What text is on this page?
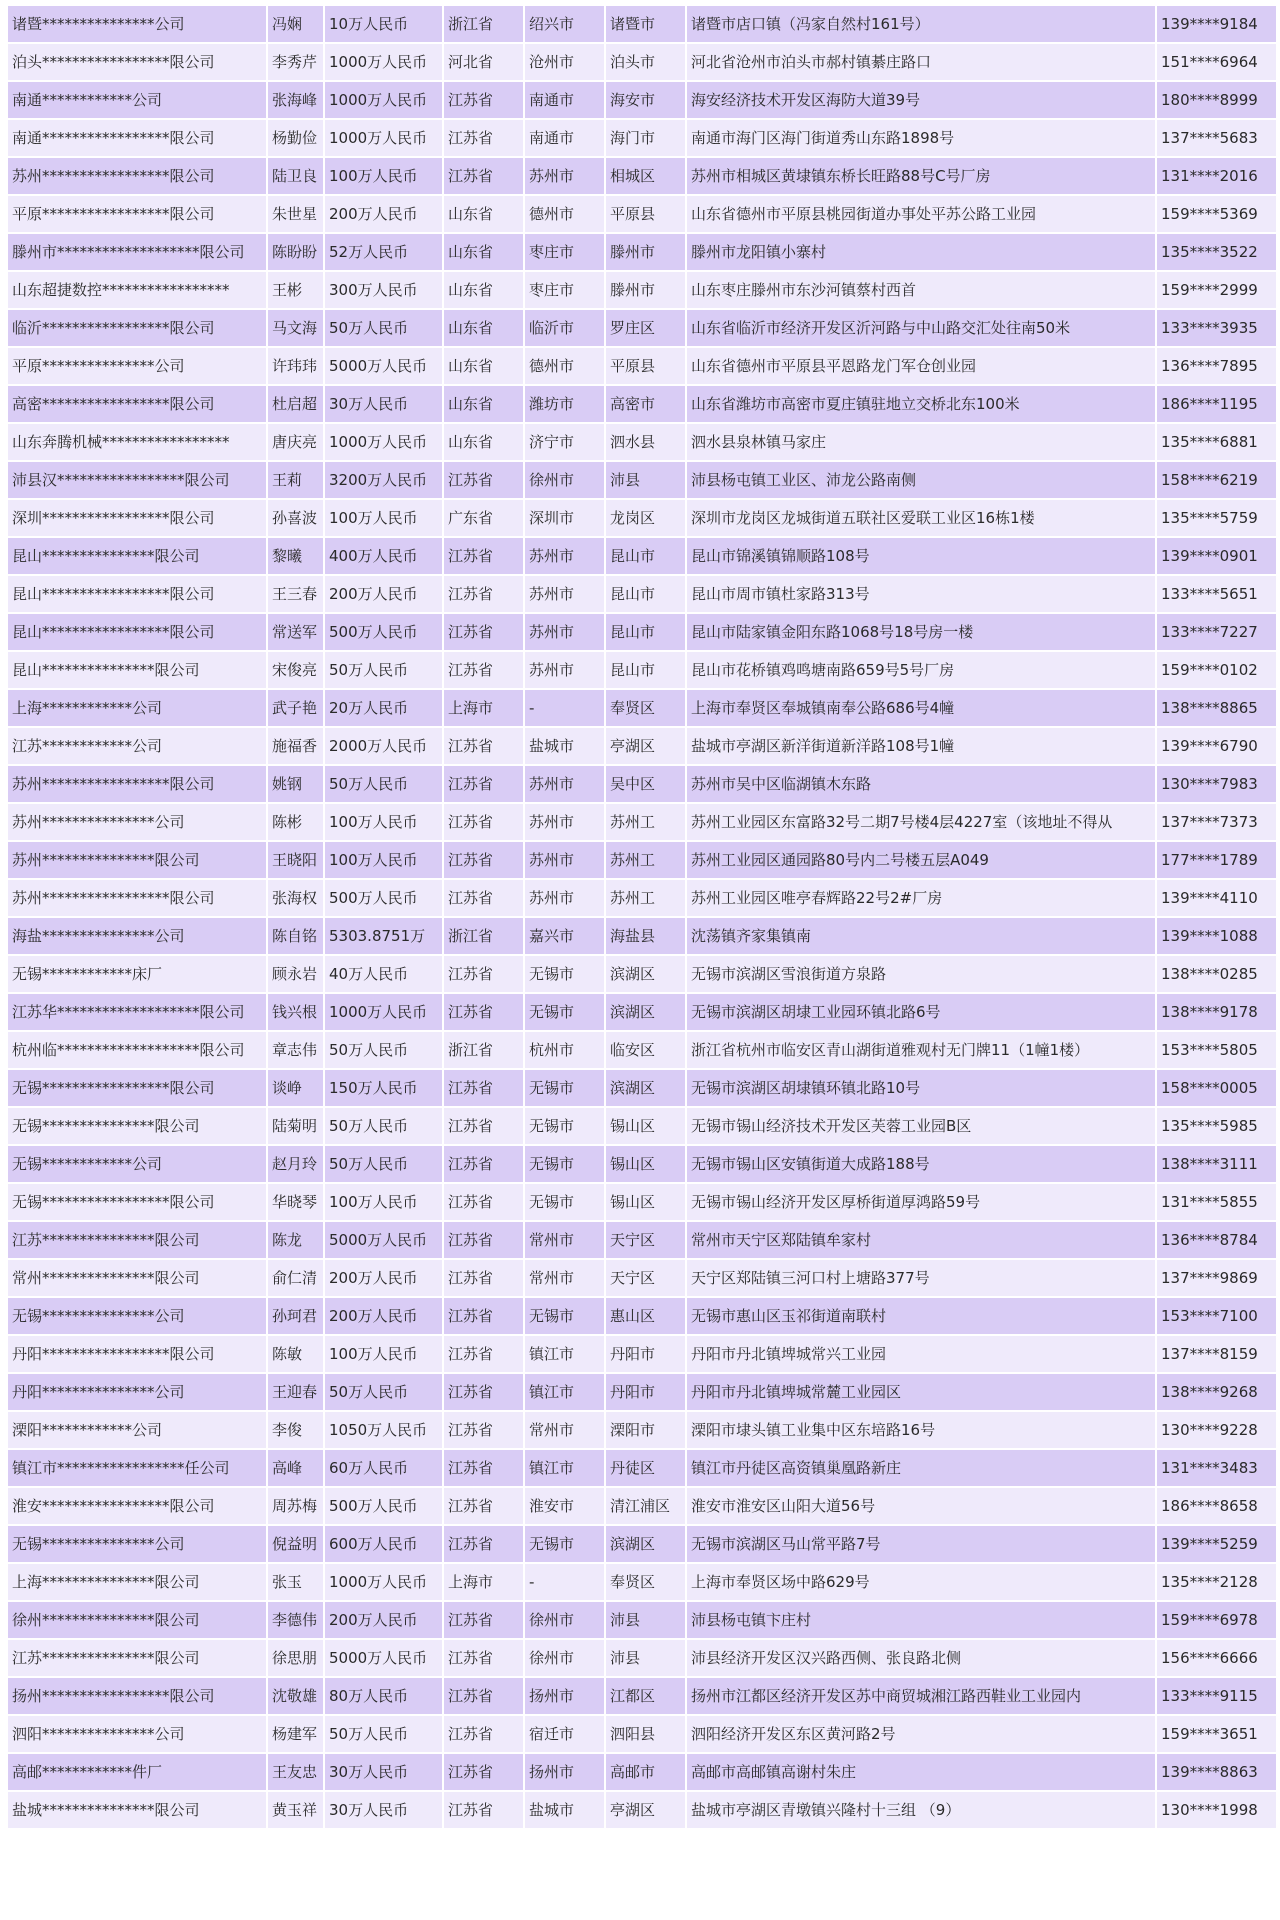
诸暨***************公司	冯娴	10万人民币	浙江省	绍兴市	诸暨市	诸暨市店口镇（冯家自然村161号）	139****9184
泊头*****************限公司	李秀芹	1000万人民币	河北省	沧州市	泊头市	河北省沧州市泊头市郝村镇綦庄路口	151****6964
南通************公司	张海峰	1000万人民币	江苏省	南通市	海安市	海安经济技术开发区海防大道39号	180****8999
南通*****************限公司	杨勤俭	1000万人民币	江苏省	南通市	海门市	南通市海门区海门街道秀山东路1898号	137****5683
苏州*****************限公司	陆卫良	100万人民币	江苏省	苏州市	相城区	苏州市相城区黄埭镇东桥长旺路88号C号厂房	131****2016
平原*****************限公司	朱世星	200万人民币	山东省	德州市	平原县	山东省德州市平原县桃园街道办事处平苏公路工业园	159****5369
滕州市*******************限公司	陈盼盼	52万人民币	山东省	枣庄市	滕州市	滕州市龙阳镇小寨村	135****3522
山东超捷数控*****************	王彬	300万人民币	山东省	枣庄市	滕州市	山东枣庄滕州市东沙河镇蔡村西首	159****2999
临沂*****************限公司	马文海	50万人民币	山东省	临沂市	罗庄区	山东省临沂市经济开发区沂河路与中山路交汇处往南50米	133****3935
平原***************公司	许玮玮	5000万人民币	山东省	德州市	平原县	山东省德州市平原县平恩路龙门军仓创业园	136****7895
高密*****************限公司	杜启超	30万人民币	山东省	潍坊市	高密市	山东省潍坊市高密市夏庄镇驻地立交桥北东100米	186****1195
山东奔腾机械*****************	唐庆亮	1000万人民币	山东省	济宁市	泗水县	泗水县泉林镇马家庄	135****6881
沛县汉*****************限公司	王莉	3200万人民币	江苏省	徐州市	沛县	沛县杨屯镇工业区、沛龙公路南侧	158****6219
深圳*****************限公司	孙喜波	100万人民币	广东省	深圳市	龙岗区	深圳市龙岗区龙城街道五联社区爱联工业区16栋1楼	135****5759
昆山***************限公司	黎曦	400万人民币	江苏省	苏州市	昆山市	昆山市锦溪镇锦顺路108号	139****0901
昆山*****************限公司	王三春	200万人民币	江苏省	苏州市	昆山市	昆山市周市镇杜家路313号	133****5651
昆山*****************限公司	常送军	500万人民币	江苏省	苏州市	昆山市	昆山市陆家镇金阳东路1068号18号房一楼	133****7227
昆山***************限公司	宋俊亮	50万人民币	江苏省	苏州市	昆山市	昆山市花桥镇鸡鸣塘南路659号5号厂房	159****0102
上海************公司	武子艳	20万人民币	上海市	-	奉贤区	上海市奉贤区奉城镇南奉公路686号4幢	138****8865
江苏************公司	施福香	2000万人民币	江苏省	盐城市	亭湖区	盐城市亭湖区新洋街道新洋路108号1幢	139****6790
苏州*****************限公司	姚钢	50万人民币	江苏省	苏州市	吴中区	苏州市吴中区临湖镇木东路	130****7983
苏州***************公司	陈彬	100万人民币	江苏省	苏州市	苏州工	苏州工业园区东富路32号二期7号楼4层4227室（该地址不得从	137****7373
苏州***************限公司	王晓阳	100万人民币	江苏省	苏州市	苏州工	苏州工业园区通园路80号内二号楼五层A049	177****1789
苏州*****************限公司	张海权	500万人民币	江苏省	苏州市	苏州工	苏州工业园区唯亭春辉路22号2#厂房	139****4110
海盐***************公司	陈自铭	5303.8751万	浙江省	嘉兴市	海盐县	沈荡镇齐家集镇南	139****1088
无锡************床厂	顾永岩	40万人民币	江苏省	无锡市	滨湖区	无锡市滨湖区雪浪街道方泉路	138****0285
江苏华*******************限公司	钱兴根	1000万人民币	江苏省	无锡市	滨湖区	无锡市滨湖区胡埭工业园环镇北路6号	138****9178
杭州临*******************限公司	章志伟	50万人民币	浙江省	杭州市	临安区	浙江省杭州市临安区青山湖街道雅观村无门牌11（1幢1楼）	153****5805
无锡*****************限公司	谈峥	150万人民币	江苏省	无锡市	滨湖区	无锡市滨湖区胡埭镇环镇北路10号	158****0005
无锡***************限公司	陆菊明	50万人民币	江苏省	无锡市	锡山区	无锡市锡山经济技术开发区芙蓉工业园B区	135****5985
无锡************公司	赵月玲	50万人民币	江苏省	无锡市	锡山区	无锡市锡山区安镇街道大成路188号	138****3111
无锡*****************限公司	华晓琴	100万人民币	江苏省	无锡市	锡山区	无锡市锡山经济开发区厚桥街道厚鸿路59号	131****5855
江苏***************限公司	陈龙	5000万人民币	江苏省	常州市	天宁区	常州市天宁区郑陆镇牟家村	136****8784
常州***************限公司	俞仁清	200万人民币	江苏省	常州市	天宁区	天宁区郑陆镇三河口村上塘路377号	137****9869
无锡***************公司	孙珂君	200万人民币	江苏省	无锡市	惠山区	无锡市惠山区玉祁街道南联村	153****7100
丹阳*****************限公司	陈敏	100万人民币	江苏省	镇江市	丹阳市	丹阳市丹北镇埤城常兴工业园	137****8159
丹阳***************公司	王迎春	50万人民币	江苏省	镇江市	丹阳市	丹阳市丹北镇埤城常麓工业园区	138****9268
溧阳************公司	李俊	1050万人民币	江苏省	常州市	溧阳市	溧阳市埭头镇工业集中区东培路16号	130****9228
镇江市*****************任公司	高峰	60万人民币	江苏省	镇江市	丹徒区	镇江市丹徒区高资镇巢凰路新庄	131****3483
淮安*****************限公司	周苏梅	500万人民币	江苏省	淮安市	清江浦区	淮安市淮安区山阳大道56号	186****8658
无锡***************公司	倪益明	600万人民币	江苏省	无锡市	滨湖区	无锡市滨湖区马山常平路7号	139****5259
上海***************限公司	张玉	1000万人民币	上海市	-	奉贤区	上海市奉贤区场中路629号	135****2128
徐州***************限公司	李德伟	200万人民币	江苏省	徐州市	沛县	沛县杨屯镇卞庄村	159****6978
江苏***************限公司	徐思朋	5000万人民币	江苏省	徐州市	沛县	沛县经济开发区汉兴路西侧、张良路北侧	156****6666
扬州*****************限公司	沈敬雄	80万人民币	江苏省	扬州市	江都区	扬州市江都区经济开发区苏中商贸城湘江路西鞋业工业园内	133****9115
泗阳***************公司	杨建军	50万人民币	江苏省	宿迁市	泗阳县	泗阳经济开发区东区黄河路2号	159****3651
高邮************件厂	王友忠	30万人民币	江苏省	扬州市	高邮市	高邮市高邮镇高谢村朱庄	139****8863
盐城***************限公司	黄玉祥	30万人民币	江苏省	盐城市	亭湖区	盐城市亭湖区青墩镇兴隆村十三组 （9）	130****1998
